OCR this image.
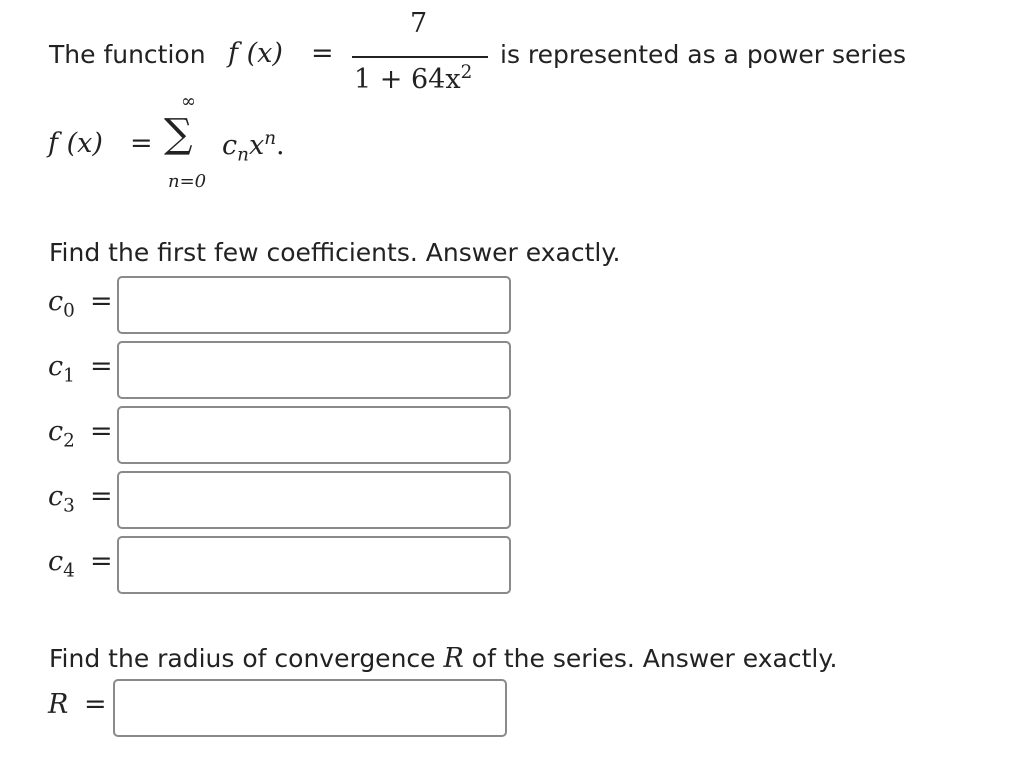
The function f (x) =
7
$1 + 64x^2$
is represented as a power series
f (x) =
∞
∑
n=0
$c_nx^n$.
Find the first few coefficients. Answer exactly.
$c_0$ =
$c_1$ =
$c_2$ =
$c_3$ =
$c_4$ =
Find the radius of convergence R of the series. Answer exactly.
R =
